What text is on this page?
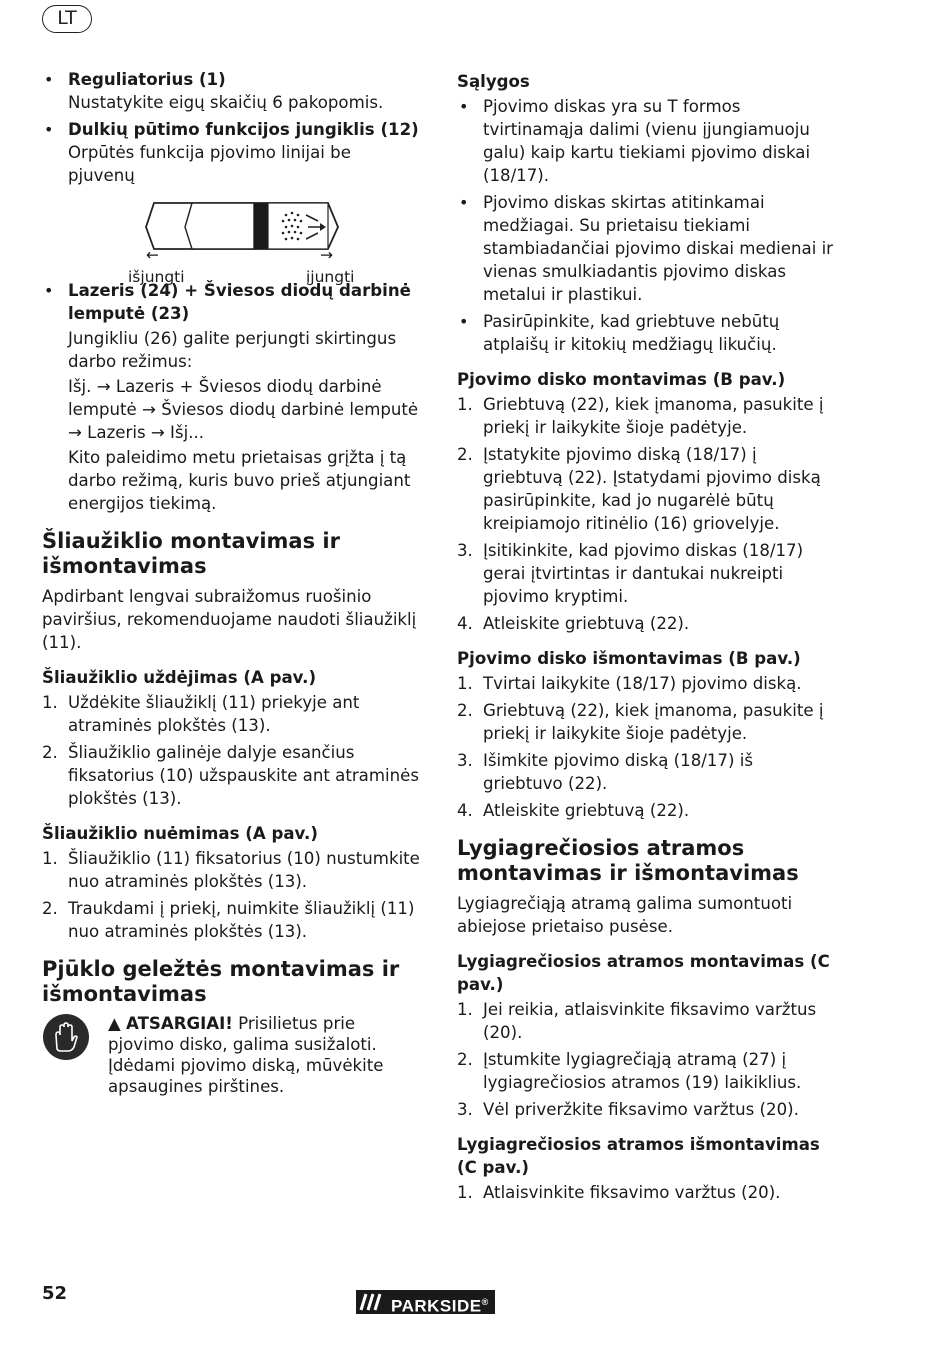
LT
• Reguliatorius (1)
Nustatykite eigų skaičių 6 pakopomis.
• Dulkių pūtimo funkcijos jungiklis (12)
Orpūtės funkcija pjovimo linijai be pjuvenų
←	→
išjungti	įjungti
• Lazeris (24) + Šviesos diodų darbinė lemputė (23)
Jungikliu (26) galite perjungti skirtingus darbo režimus:
Išj. → Lazeris + Šviesos diodų darbinė lemputė → Šviesos diodų darbinė lemputė → Lazeris → Išj...
Kito paleidimo metu prietaisas grįžta į tą darbo režimą, kuris buvo prieš atjungiant energijos tiekimą.
Šliaužiklio montavimas ir išmontavimas

Apdirbant lengvai subraižomus ruošinio paviršius, rekomenduojame naudoti šliaužiklį (11).

Šliaužiklio uždėjimas (A pav.)
1. Uždėkite šliaužiklį (11) priekyje ant atraminės plokštės (13).
2. Šliaužiklio galinėje dalyje esančius fiksatorius (10) užspauskite ant atraminės plokštės (13).
Šliaužiklio nuėmimas (A pav.)
1. Šliaužiklio (11) fiksatorius (10) nustumkite nuo atraminės plokštės (13).
2. Traukdami į priekį, nuimkite šliaužiklį (11) nuo atraminės plokštės (13).
Pjūklo geležtės montavimas ir išmontavimas
▲ ATSARGIAI! Prisilietus prie pjovimo disko, galima susižaloti. Įdėdami pjovimo diską, mūvėkite apsaugines pirštines.
Sąlygos
• Pjovimo diskas yra su T formos tvirtinamąja dalimi (vienu įjungiamuoju galu) kaip kartu tiekiami pjovimo diskai (18/17).
• Pjovimo diskas skirtas atitinkamai medžiagai. Su prietaisu tiekiami stambiadančiai pjovimo diskai medienai ir vienas smulkiadantis pjovimo diskas metalui ir plastikui.
• Pasirūpinkite, kad griebtuve nebūtų atplaišų ir kitokių medžiagų likučių.
Pjovimo disko montavimas (B pav.)
1. Griebtuvą (22), kiek įmanoma, pasukite į priekį ir laikykite šioje padėtyje.
2. Įstatykite pjovimo diską (18/17) į griebtuvą (22). Įstatydami pjovimo diską pasirūpinkite, kad jo nugarėlė būtų kreipiamojo ritinėlio (16) griovelyje.
3. Įsitikinkite, kad pjovimo diskas (18/17) gerai įtvirtintas ir dantukai nukreipti pjovimo kryptimi.
4. Atleiskite griebtuvą (22).
Pjovimo disko išmontavimas (B pav.)
1. Tvirtai laikykite (18/17) pjovimo diską.
2. Griebtuvą (22), kiek įmanoma, pasukite į priekį ir laikykite šioje padėtyje.
3. Išimkite pjovimo diską (18/17) iš griebtuvo (22).
4. Atleiskite griebtuvą (22).
Lygiagrečiosios atramos montavimas ir išmontavimas

Lygiagrečiąją atramą galima sumontuoti abiejose prietaiso pusėse.

Lygiagrečiosios atramos montavimas (C pav.)
1. Jei reikia, atlaisvinkite fiksavimo varžtus (20).
2. Įstumkite lygiagrečiąją atramą (27) į lygiagrečiosios atramos (19) laikiklius.
3. Vėl priveržkite fiksavimo varžtus (20).
Lygiagrečiosios atramos išmontavimas (C pav.)
1. Atlaisvinkite fiksavimo varžtus (20).
52
PARKSIDE®
